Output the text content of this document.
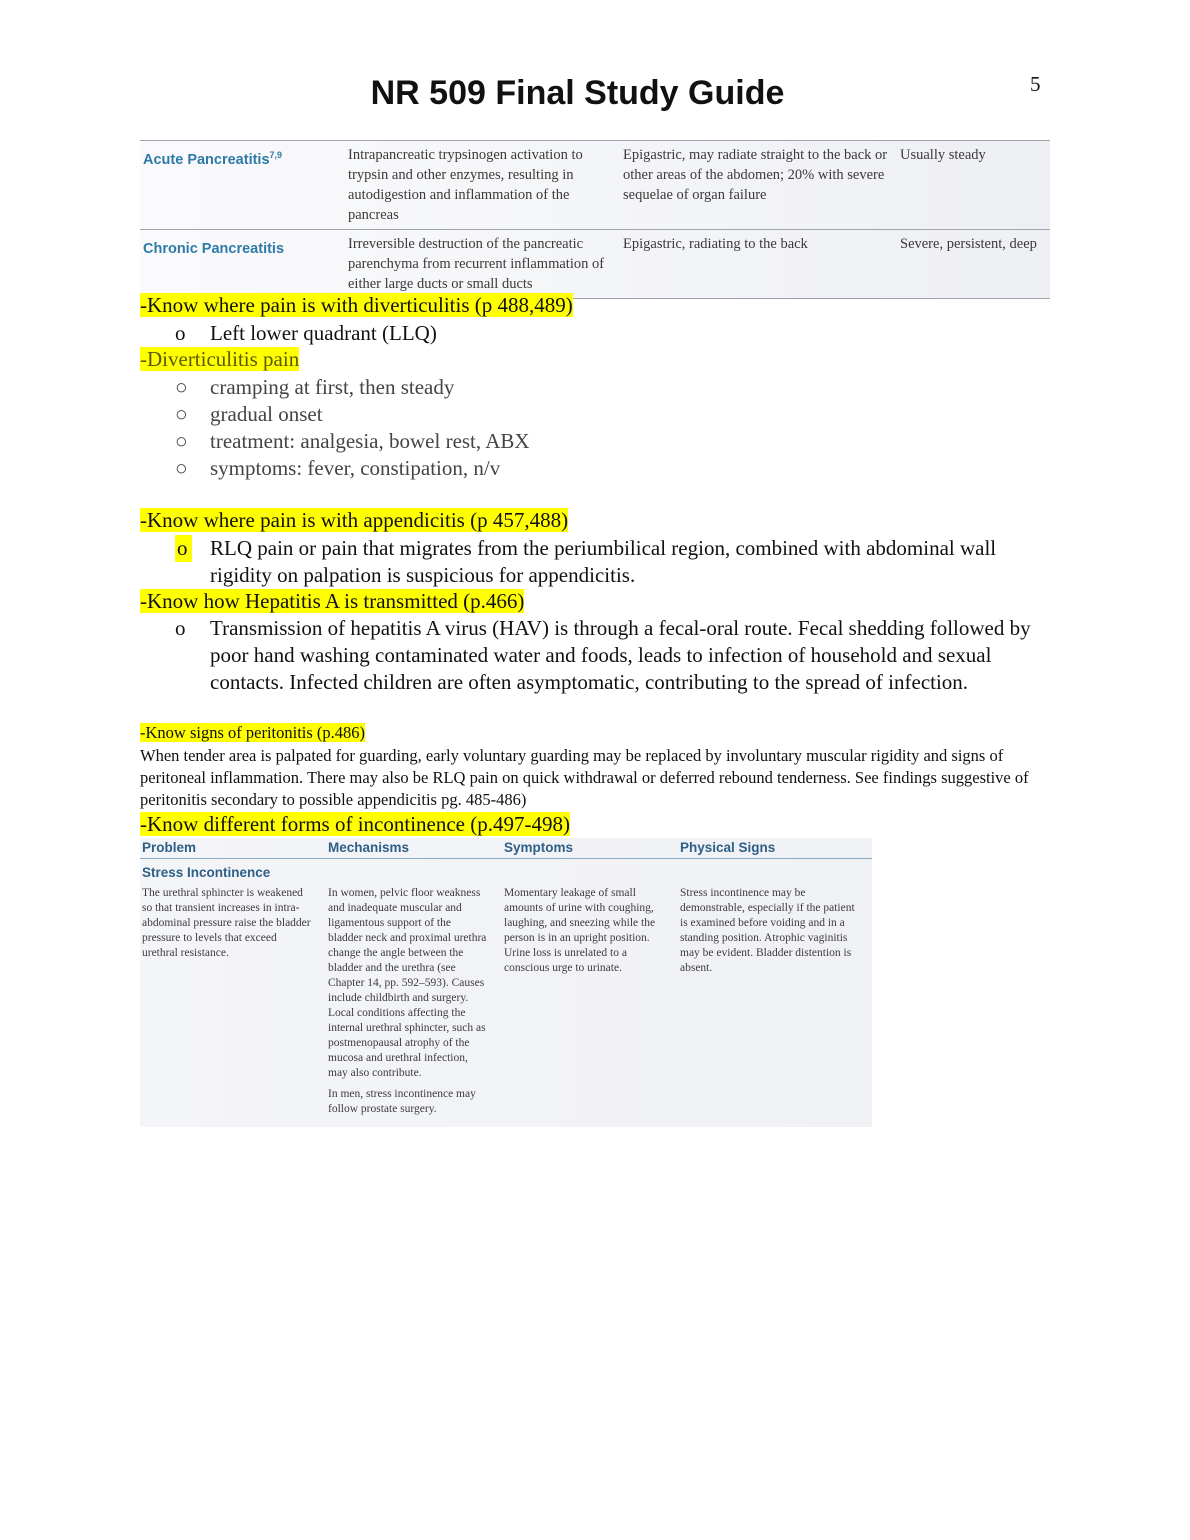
5
NR 509 Final Study Guide
Acute Pancreatitis$^{7,9}$	Intrapancreatic trypsinogen activation to trypsin and other enzymes, resulting in autodigestion and inflammation of the pancreas	Epigastric, may radiate straight to the back or other areas of the abdomen; 20% with severe sequelae of organ failure	Usually steady
Chronic Pancreatitis	Irreversible destruction of the pancreatic parenchyma from recurrent inflammation of either large ducts or small ducts	Epigastric, radiating to the back	Severe, persistent, deep

-Know where pain is with diverticulitis (p 488,489)

o Left lower quadrant (LLQ)

-Diverticulitis pain

○ cramping at first, then steady
○ gradual onset
○ treatment: analgesia, bowel rest, ABX
○ symptoms: fever, constipation, n/v

-Know where pain is with appendicitis (p 457,488)

o RLQ pain or pain that migrates from the periumbilical region, combined with abdominal wall rigidity on palpation is suspicious for appendicitis.

-Know how Hepatitis A is transmitted (p.466)

o Transmission of hepatitis A virus (HAV) is through a fecal-oral route. Fecal shedding followed by poor hand washing contaminated water and foods, leads to infection of household and sexual contacts. Infected children are often asymptomatic, contributing to the spread of infection.

-Know signs of peritonitis (p.486)

When tender area is palpated for guarding, early voluntary guarding may be replaced by involuntary muscular rigidity and signs of peritoneal inflammation. There may also be RLQ pain on quick withdrawal or deferred rebound tenderness. See findings suggestive of peritonitis secondary to possible appendicitis pg. 485-486)

-Know different forms of incontinence (p.497-498)

Problem	Mechanisms	Symptoms	Physical Signs
Stress Incontinence			
The urethral sphincter is weakened so that transient increases in intra-abdominal pressure raise the bladder pressure to levels that exceed urethral resistance.	In women, pelvic floor weakness and inadequate muscular and ligamentous support of the bladder neck and proximal urethra change the angle between the bladder and the urethra (see Chapter 14, pp. 592–593). Causes include childbirth and surgery. Local conditions affecting the internal urethral sphincter, such as postmenopausal atrophy of the mucosa and urethral infection, may also contribute.

In men, stress incontinence may follow prostate surgery.	Momentary leakage of small amounts of urine with coughing, laughing, and sneezing while the person is in an upright position. Urine loss is unrelated to a conscious urge to urinate.	Stress incontinence may be demonstrable, especially if the patient is examined before voiding and in a standing position. Atrophic vaginitis may be evident. Bladder distention is absent.
